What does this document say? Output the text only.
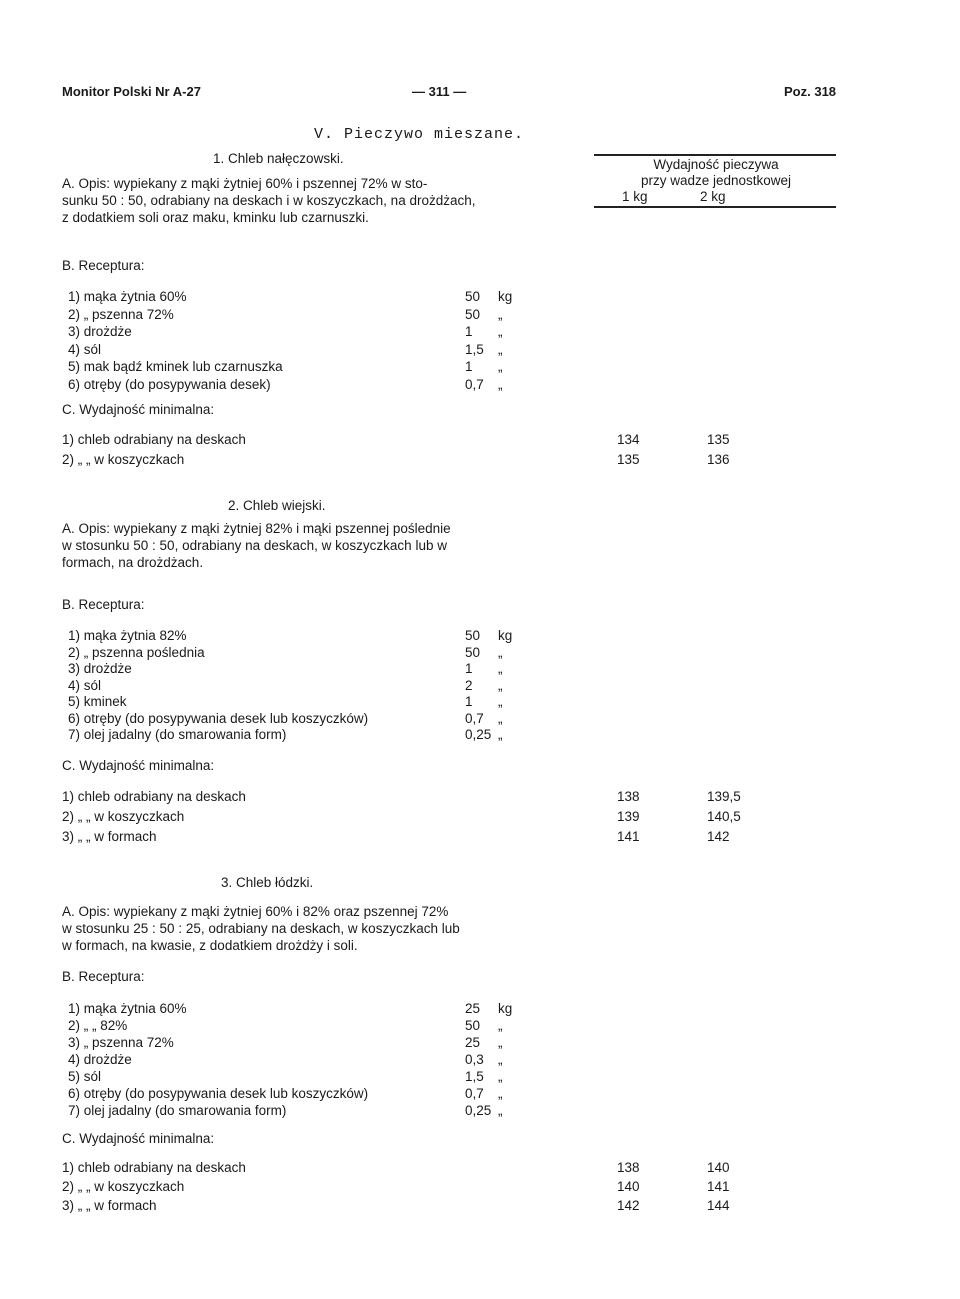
Monitor Polski Nr A-27	— 311 —	Poz. 318
V. Pieczywo mieszane.
Wydajność pieczywa
przy wadze jednostkowej
1 kg	2 kg
1. Chleb nałęczowski.
A. Opis: wypiekany z mąki żytniej 60% i pszennej 72% w sto-
sunku 50 : 50, odrabiany na deskach i w koszyczkach, na drożdżach,
z dodatkiem soli oraz maku, kminku lub czarnuszki.
B. Receptura:
1) mąka żytnia 60%	50 kg
2) „ pszenna 72%	50 „
3) drożdże	1 „
4) sól	1,5 „
5) mak bądź kminek lub czarnuszka	1 „
6) otręby (do posypywania desek)	0,7 „
C. Wydajność minimalna:
1) chleb odrabiany na deskach	134	135
2) „ „ w koszyczkach	135	136
2. Chleb wiejski.
A. Opis: wypiekany z mąki żytniej 82% i mąki pszennej poślednie
w stosunku 50 : 50, odrabiany na deskach, w koszyczkach lub w
formach, na drożdżach.
B. Receptura:
1) mąka żytnia 82%	50 kg
2) „ pszenna poślednia	50 „
3) drożdże	1 „
4) sól	2 „
5) kminek	1 „
6) otręby (do posypywania desek lub koszyczków)	0,7 „
7) olej jadalny (do smarowania form)	0,25 „
C. Wydajność minimalna:
1) chleb odrabiany na deskach	138	139,5
2) „ „ w koszyczkach	139	140,5
3) „ „ w formach	141	142
3. Chleb łódzki.
A. Opis: wypiekany z mąki żytniej 60% i 82% oraz pszennej 72%
w stosunku 25 : 50 : 25, odrabiany na deskach, w koszyczkach lub
w formach, na kwasie, z dodatkiem drożdży i soli.
B. Receptura:
1) mąka żytnia 60%	25 kg
2) „ „ 82%	50 „
3) „ pszenna 72%	25 „
4) drożdże	0,3 „
5) sól	1,5 „
6) otręby (do posypywania desek lub koszyczków)	0,7 „
7) olej jadalny (do smarowania form)	0,25 „
C. Wydajność minimalna:
1) chleb odrabiany na deskach	138	140
2) „ „ w koszyczkach	140	141
3) „ „ w formach	142	144
